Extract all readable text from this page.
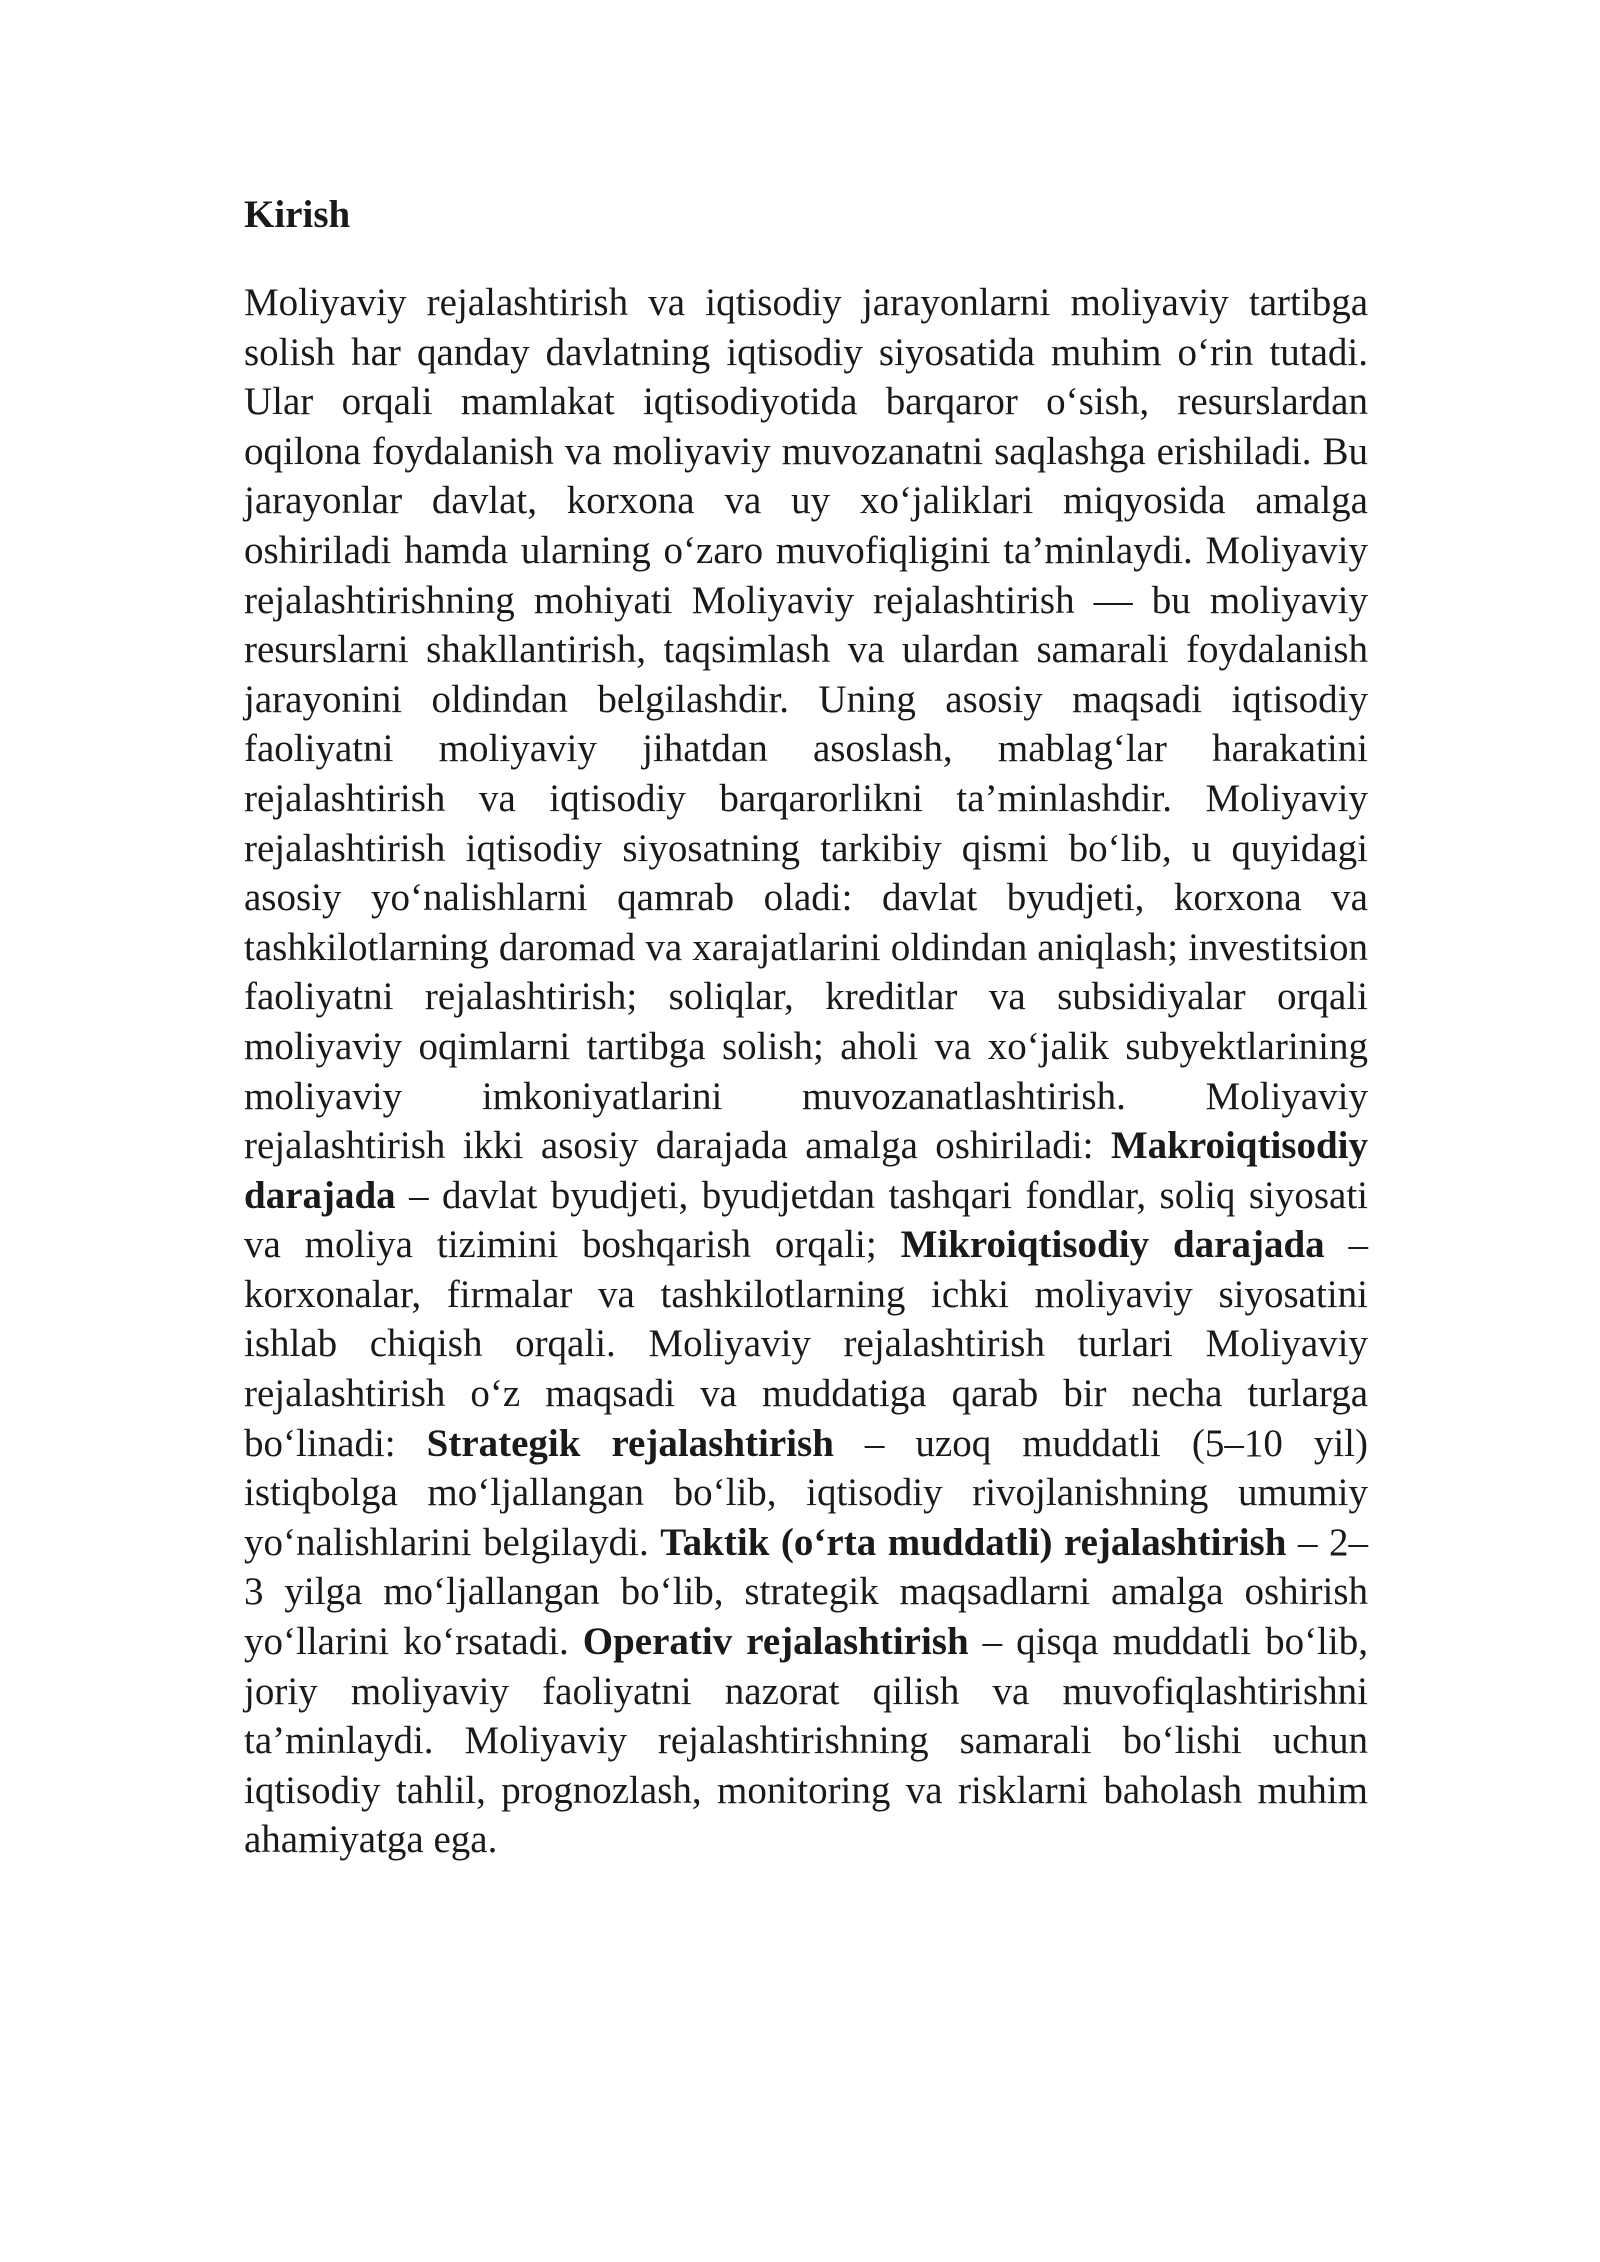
Kirish

Moliyaviy rejalashtirish va iqtisodiy jarayonlarni moliyaviy tartibga solish har qanday davlatning iqtisodiy siyosatida muhim o‘rin tutadi. Ular orqali mamlakat iqtisodiyotida barqaror o‘sish, resurslardan oqilona foydalanish va moliyaviy muvozanatni saqlashga erishiladi. Bu jarayonlar davlat, korxona va uy xo‘jaliklari miqyosida amalga oshiriladi hamda ularning o‘zaro muvofiqligini ta’minlaydi. Moliyaviy rejalashtirishning mohiyati Moliyaviy rejalashtirish — bu moliyaviy resurslarni shakllantirish, taqsimlash va ulardan samarali foydalanish jarayonini oldindan belgilashdir. Uning asosiy maqsadi iqtisodiy faoliyatni moliyaviy jihatdan asoslash, mablag‘lar harakatini rejalashtirish va iqtisodiy barqarorlikni ta’minlashdir. Moliyaviy rejalashtirish iqtisodiy siyosatning tarkibiy qismi bo‘lib, u quyidagi asosiy yo‘nalishlarni qamrab oladi: davlat byudjeti, korxona va tashkilotlarning daromad va xarajatlarini oldindan aniqlash; investitsion faoliyatni rejalashtirish; soliqlar, kreditlar va subsidiyalar orqali moliyaviy oqimlarni tartibga solish; aholi va xo‘jalik subyektlarining moliyaviy imkoniyatlarini muvozanatlashtirish. Moliyaviy rejalashtirish ikki asosiy darajada amalga oshiriladi: Makroiqtisodiy darajada – davlat byudjeti, byudjetdan tashqari fondlar, soliq siyosati va moliya tizimini boshqarish orqali; Mikroiqtisodiy darajada – korxonalar, firmalar va tashkilotlarning ichki moliyaviy siyosatini ishlab chiqish orqali. Moliyaviy rejalashtirish turlari Moliyaviy rejalashtirish o‘z maqsadi va muddatiga qarab bir necha turlarga bo‘linadi: Strategik rejalashtirish – uzoq muddatli (5–10 yil) istiqbolga mo‘ljallangan bo‘lib, iqtisodiy rivojlanishning umumiy yo‘nalishlarini belgilaydi. Taktik (o‘rta muddatli) rejalashtirish – 2–3 yilga mo‘ljallangan bo‘lib, strategik maqsadlarni amalga oshirish yo‘llarini ko‘rsatadi. Operativ rejalashtirish – qisqa muddatli bo‘lib, joriy moliyaviy faoliyatni nazorat qilish va muvofiqlashtirishni ta’minlaydi. Moliyaviy rejalashtirishning samarali bo‘lishi uchun iqtisodiy tahlil, prognozlash, monitoring va risklarni baholash muhim ahamiyatga ega.
